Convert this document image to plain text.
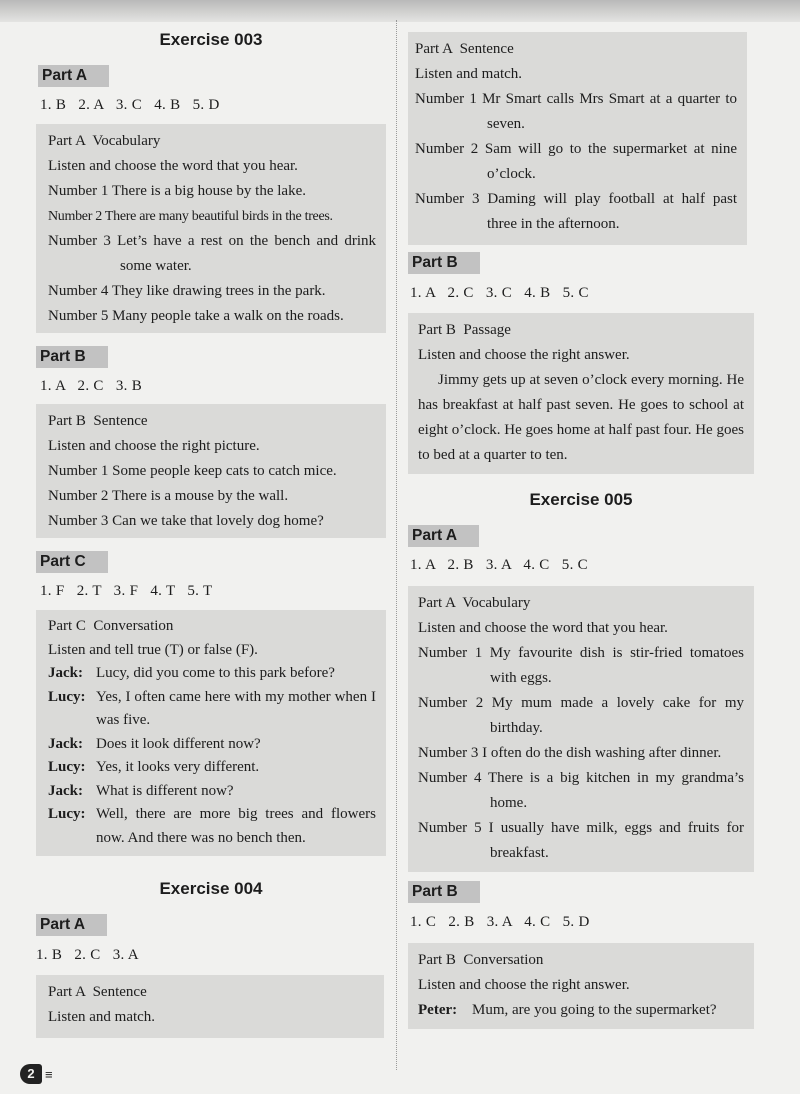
Exercise 003
Part A
1. B   2. A   3. C   4. B   5. D

Part A  Vocabulary

Listen and choose the word that you hear.

Number 1 There is a big house by the lake.

Number 2 There are many beautiful birds in the trees.

Number 3 Let’s have a rest on the bench and drink some water.

Number 4 They like drawing trees in the park.

Number 5 Many people take a walk on the roads.

Part B
1. A   2. C   3. B

Part B  Sentence

Listen and choose the right picture.

Number 1 Some people keep cats to catch mice.

Number 2 There is a mouse by the wall.

Number 3 Can we take that lovely dog home?

Part C
1. F   2. T   3. F   4. T   5. T

Part C  Conversation

Listen and tell true (T) or false (F).

Jack: Lucy, did you come to this park before?
Lucy: Yes, I often came here with my mother when I was five.
Jack: Does it look different now?
Lucy: Yes, it looks very different.
Jack: What is different now?
Lucy: Well, there are more big trees and flowers now. And there was no bench then.
Exercise 004
Part A
1. B   2. C   3. A

Part A  Sentence

Listen and match.

Part A  Sentence

Listen and match.

Number 1 Mr Smart calls Mrs Smart at a quarter to seven.

Number 2 Sam will go to the supermarket at nine o’clock.

Number 3 Daming will play football at half past three in the afternoon.

Part B
1. A   2. C   3. C   4. B   5. C

Part B  Passage

Listen and choose the right answer.

Jimmy gets up at seven o’clock every morning. He has breakfast at half past seven. He goes to school at eight o’clock. He goes home at half past four. He goes to bed at a quarter to ten.

Exercise 005
Part A
1. A   2. B   3. A   4. C   5. C

Part A  Vocabulary

Listen and choose the word that you hear.

Number 1 My favourite dish is stir-fried tomatoes with eggs.

Number 2 My mum made a lovely cake for my birthday.

Number 3 I often do the dish washing after dinner.

Number 4 There is a big kitchen in my grandma’s home.

Number 5 I usually have milk, eggs and fruits for breakfast.

Part B
1. C   2. B   3. A   4. C   5. D

Part B  Conversation

Listen and choose the right answer.

Peter: Mum, are you going to the supermarket?
2 ≡
